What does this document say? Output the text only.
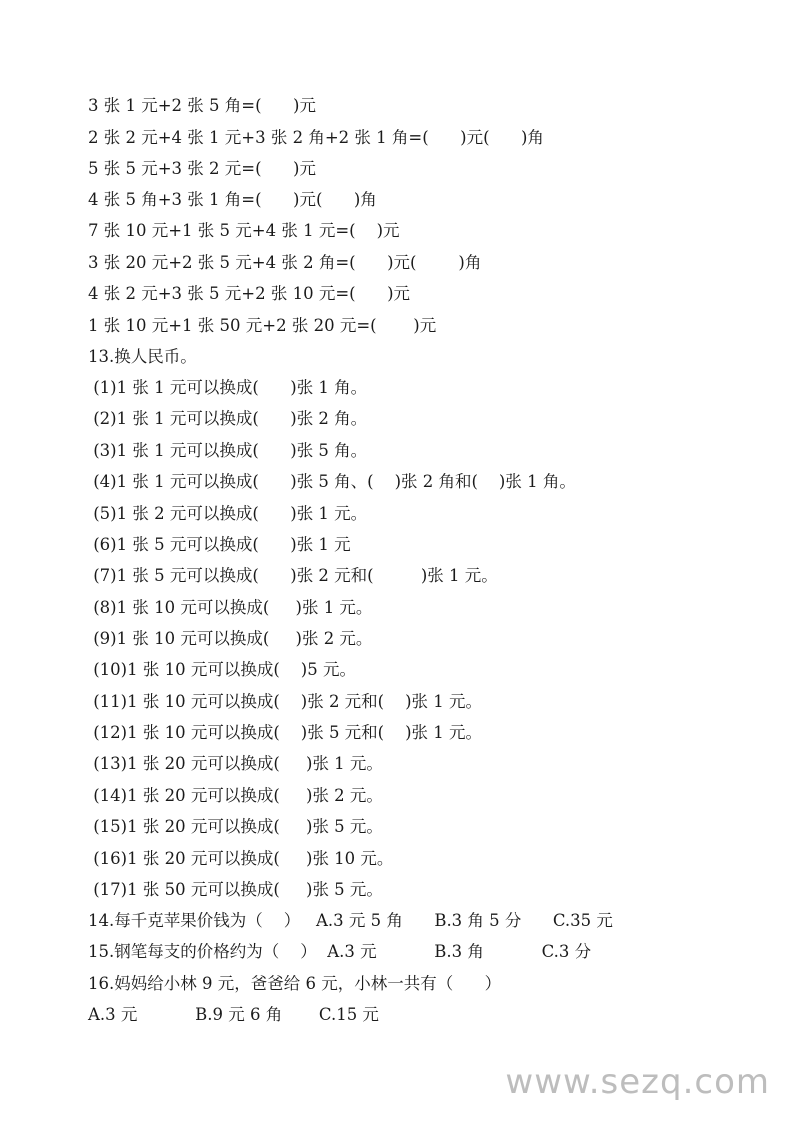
3 张 1 元+2 张 5 角=(      )元
2 张 2 元+4 张 1 元+3 张 2 角+2 张 1 角=(      )元(      )角
5 张 5 元+3 张 2 元=(      )元
4 张 5 角+3 张 1 角=(      )元(      )角
7 张 10 元+1 张 5 元+4 张 1 元=(    )元
3 张 20 元+2 张 5 元+4 张 2 角=(      )元(        )角
4 张 2 元+3 张 5 元+2 张 10 元=(      )元
1 张 10 元+1 张 50 元+2 张 20 元=(       )元
13.换人民币。
(1)1 张 1 元可以换成(      )张 1 角。
(2)1 张 1 元可以换成(      )张 2 角。
(3)1 张 1 元可以换成(      )张 5 角。
(4)1 张 1 元可以换成(      )张 5 角、(    )张 2 角和(    )张 1 角。
(5)1 张 2 元可以换成(      )张 1 元。
(6)1 张 5 元可以换成(      )张 1 元
(7)1 张 5 元可以换成(      )张 2 元和(         )张 1 元。
(8)1 张 10 元可以换成(     )张 1 元。
(9)1 张 10 元可以换成(     )张 2 元。
(10)1 张 10 元可以换成(    )5 元。
(11)1 张 10 元可以换成(    )张 2 元和(    )张 1 元。
(12)1 张 10 元可以换成(    )张 5 元和(    )张 1 元。
(13)1 张 20 元可以换成(     )张 1 元。
(14)1 张 20 元可以换成(     )张 2 元。
(15)1 张 20 元可以换成(     )张 5 元。
(16)1 张 20 元可以换成(     )张 10 元。
(17)1 张 50 元可以换成(     )张 5 元。
14.每千克苹果价钱为（    ）   A.3 元 5 角      B.3 角 5 分      C.35 元
15.钢笔每支的价格约为（    ）  A.3 元           B.3 角           C.3 分
16.妈妈给小林 9 元，爸爸给 6 元，小林一共有（      ）
A.3 元           B.9 元 6 角       C.15 元
www.sezq.com
